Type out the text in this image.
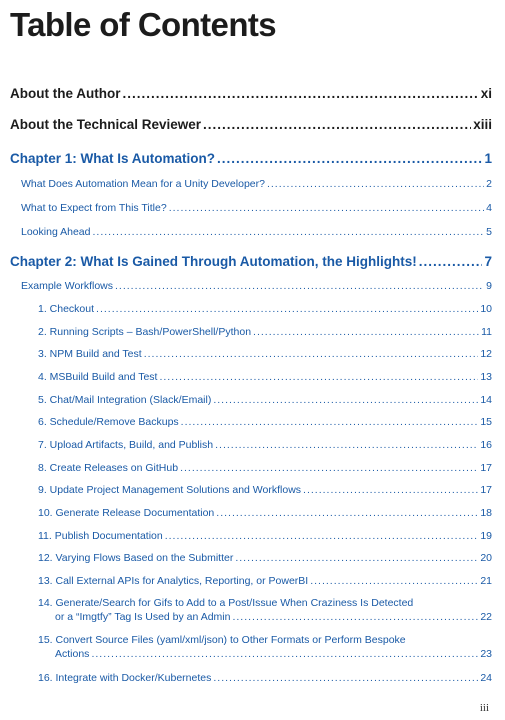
Table of Contents
About the Author .....	xi
About the Technical Reviewer .....	xiii
Chapter 1: What Is Automation? .....	1
What Does Automation Mean for a Unity Developer? .....	2
What to Expect from This Title? .....	4
Looking Ahead .....	5
Chapter 2: What Is Gained Through Automation, the Highlights! .....	7
Example Workflows .....	9
1. Checkout .....	10
2. Running Scripts – Bash/PowerShell/Python .....	11
3. NPM Build and Test .....	12
4. MSBuild Build and Test .....	13
5. Chat/Mail Integration (Slack/Email) .....	14
6. Schedule/Remove Backups .....	15
7. Upload Artifacts, Build, and Publish .....	16
8. Create Releases on GitHub .....	17
9. Update Project Management Solutions and Workflows .....	17
10. Generate Release Documentation .....	18
11. Publish Documentation .....	19
12. Varying Flows Based on the Submitter .....	20
13. Call External APIs for Analytics, Reporting, or PowerBI .....	21
14. Generate/Search for Gifs to Add to a Post/Issue When Craziness Is Detected
or a “Imgtfy” Tag Is Used by an Admin .....	22
15. Convert Source Files (yaml/xml/json) to Other Formats or Perform Bespoke
Actions .....	23
16. Integrate with Docker/Kubernetes .....	24
iii
